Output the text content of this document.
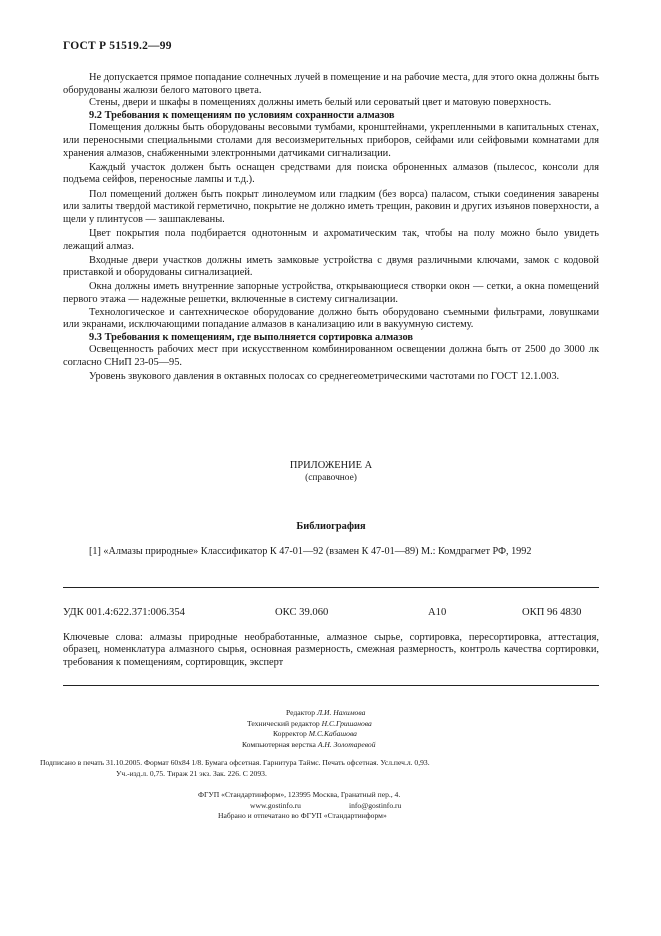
ГОСТ Р 51519.2—99

Не допускается прямое попадание солнечных лучей в помещение и на рабочие места, для этого окна должны быть оборудованы жалюзи белого матового цвета.

Стены, двери и шкафы в помещениях должны иметь белый или сероватый цвет и матовую поверхность.

9.2 Требования к помещениям по условиям сохранности алмазов

Помещения должны быть оборудованы весовыми тумбами, кронштейнами, укрепленными в капитальных стенах, или переносными специальными столами для весоизмерительных приборов, сейфами или сейфовыми комнатами для хранения алмазов, снабженными электронными датчиками сигнализации.

Каждый участок должен быть оснащен средствами для поиска оброненных алмазов (пылесос, консоли для подъема сейфов, переносные лампы и т.д.).

Пол помещений должен быть покрыт линолеумом или гладким (без ворса) паласом, стыки соединения заварены или залиты твердой мастикой герметично, покрытие не должно иметь трещин, раковин и других изъянов поверхности, а щели у плинтусов — зашпаклеваны.

Цвет покрытия пола подбирается однотонным и ахроматическим так, чтобы на полу можно было увидеть лежащий алмаз.

Входные двери участков должны иметь замковые устройства с двумя различными ключами, замок с кодовой приставкой и оборудованы сигнализацией.

Окна должны иметь внутренние запорные устройства, открывающиеся створки окон — сетки, а окна помещений первого этажа — надежные решетки, включенные в систему сигнализации.

Технологическое и сантехническое оборудование должно быть оборудовано съемными фильтрами, ловушками или экранами, исключающими попадание алмазов в канализацию или в вакуумную систему.

9.3 Требования к помещениям, где выполняется сортировка алмазов

Освещенность рабочих мест при искусственном комбинированном освещении должна быть от 2500 до 3000 лк согласно СНиП 23-05—95.

Уровень звукового давления в октавных полосах со среднегеометрическими частотами по ГОСТ 12.1.003.

ПРИЛОЖЕНИЕ А
(справочное)
Библиография
[1] «Алмазы природные» Классификатор К 47-01—92 (взамен К 47-01—89) М.: Комдрагмет РФ, 1992
УДК 001.4:622.371:006.354	ОКС 39.060	А10	ОКП 96 4830
Ключевые слова: алмазы природные необработанные, алмазное сырье, сортировка, пересортировка, аттестация, образец, номенклатура алмазного сырья, основная размерность, смежная размерность, контроль качества сортировки, требования к помещениям, сортировщик, эксперт
Редактор Л.И. Нахимова
Технический редактор Н.С.Гришанова
Корректор М.С.Кабашова
Компьютерная верстка А.Н. Золотаревой
Подписано в печать 31.10.2005. Формат 60x84 1/8. Бумага офсетная. Гарнитура Таймс. Печать офсетная. Усл.печ.л. 0,93.
Уч.-изд.л. 0,75. Тираж 21 экз. Зак. 226. С 2093.
ФГУП «Стандартинформ», 123995 Москва, Гранатный пер., 4.
www.gostinfo.ru	info@gostinfo.ru
Набрано и отпечатано во ФГУП «Стандартинформ»
